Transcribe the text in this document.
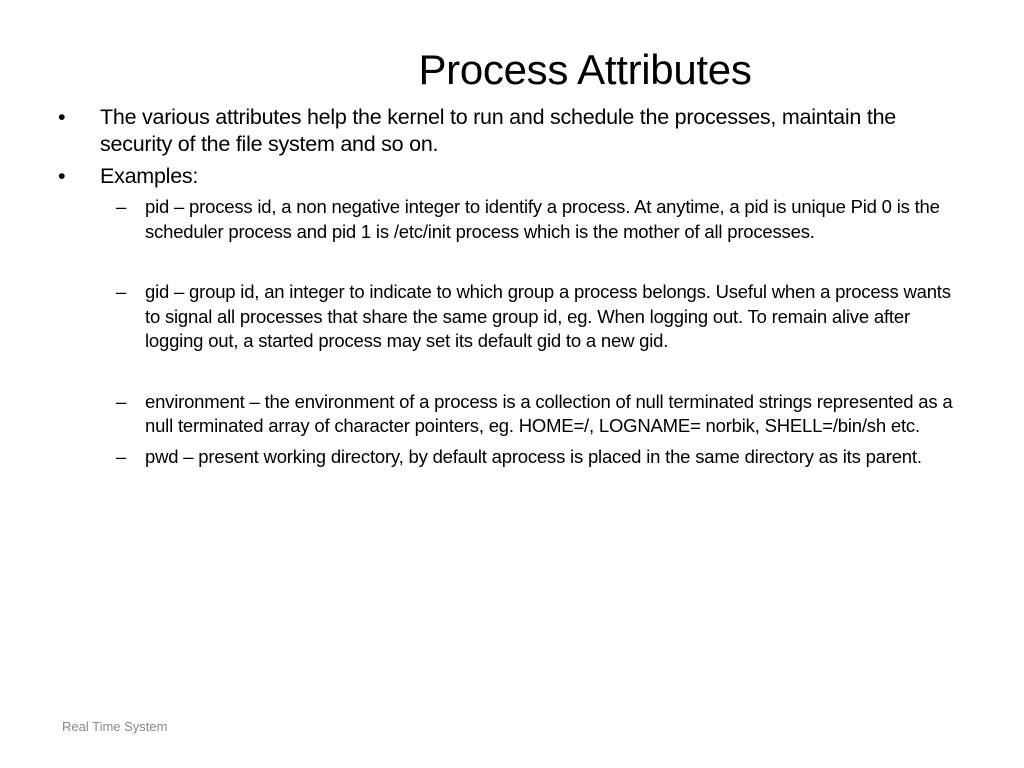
Process Attributes
•	The various attributes help the kernel to run and schedule the processes, maintain the security of the file system and so on.
•	Examples:
–	pid – process id, a non negative integer to identify a process. At anytime, a pid is unique Pid 0 is the scheduler process and pid 1 is /etc/init process which is the mother of all processes.
–	gid – group id, an integer to indicate to which group a process belongs. Useful when a process wants to signal all processes that share the same group id, eg. When logging out. To remain alive after logging out, a started process may set its default gid to a new gid.
–	environment – the environment of a process is a collection of null terminated strings represented as a null terminated array of character pointers, eg. HOME=/, LOGNAME= norbik, SHELL=/bin/sh etc.
–	pwd – present working directory, by default aprocess is placed in the same directory as its parent.
Real Time System
